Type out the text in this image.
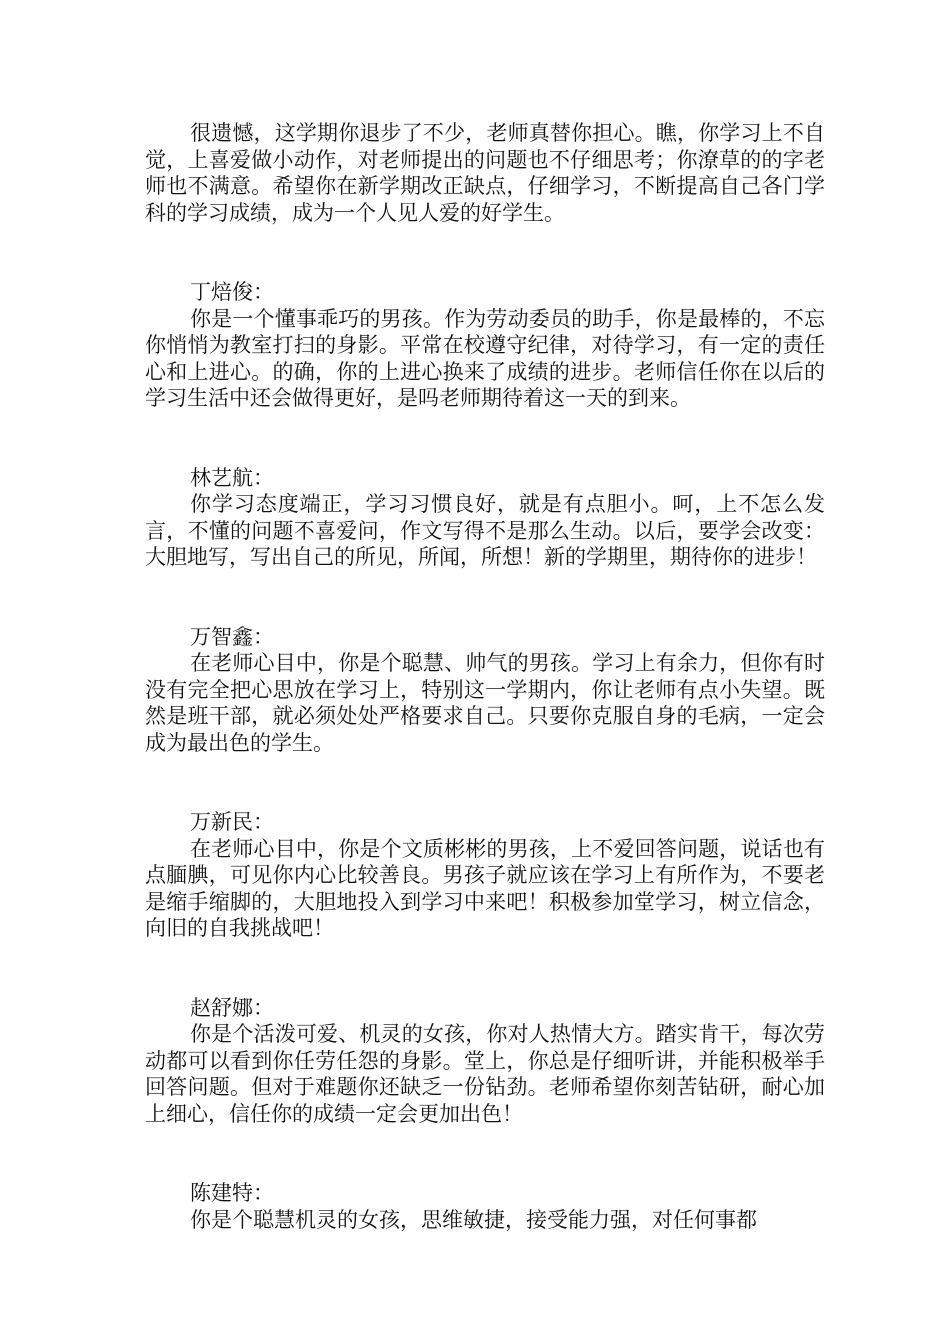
很遗憾，这学期你退步了不少，老师真替你担心。瞧，你学习上不自觉，上喜爱做小动作，对老师提出的问题也不仔细思考；你潦草的的字老师也不满意。希望你在新学期改正缺点，仔细学习，不断提高自己各门学科的学习成绩，成为一个人见人爱的好学生。

丁焙俊：

你是一个懂事乖巧的男孩。作为劳动委员的助手，你是最棒的，不忘你悄悄为教室打扫的身影。平常在校遵守纪律，对待学习，有一定的责任心和上进心。的确，你的上进心换来了成绩的进步。老师信任你在以后的学习生活中还会做得更好，是吗老师期待着这一天的到来。

林艺航：

你学习态度端正，学习习惯良好，就是有点胆小。呵，上不怎么发言，不懂的问题不喜爱问，作文写得不是那么生动。以后，要学会改变：大胆地写，写出自己的所见，所闻，所想！新的学期里，期待你的进步！

万智鑫：

在老师心目中，你是个聪慧、帅气的男孩。学习上有余力，但你有时没有完全把心思放在学习上，特别这一学期内，你让老师有点小失望。既然是班干部，就必须处处严格要求自己。只要你克服自身的毛病，一定会成为最出色的学生。

万新民：

在老师心目中，你是个文质彬彬的男孩，上不爱回答问题，说话也有点腼腆，可见你内心比较善良。男孩子就应该在学习上有所作为，不要老是缩手缩脚的，大胆地投入到学习中来吧！积极参加堂学习，树立信念，向旧的自我挑战吧！

赵舒娜：

你是个活泼可爱、机灵的女孩，你对人热情大方。踏实肯干，每次劳动都可以看到你任劳任怨的身影。堂上，你总是仔细听讲，并能积极举手回答问题。但对于难题你还缺乏一份钻劲。老师希望你刻苦钻研，耐心加上细心，信任你的成绩一定会更加出色！

陈建特：

你是个聪慧机灵的女孩，思维敏捷，接受能力强，对任何事都
